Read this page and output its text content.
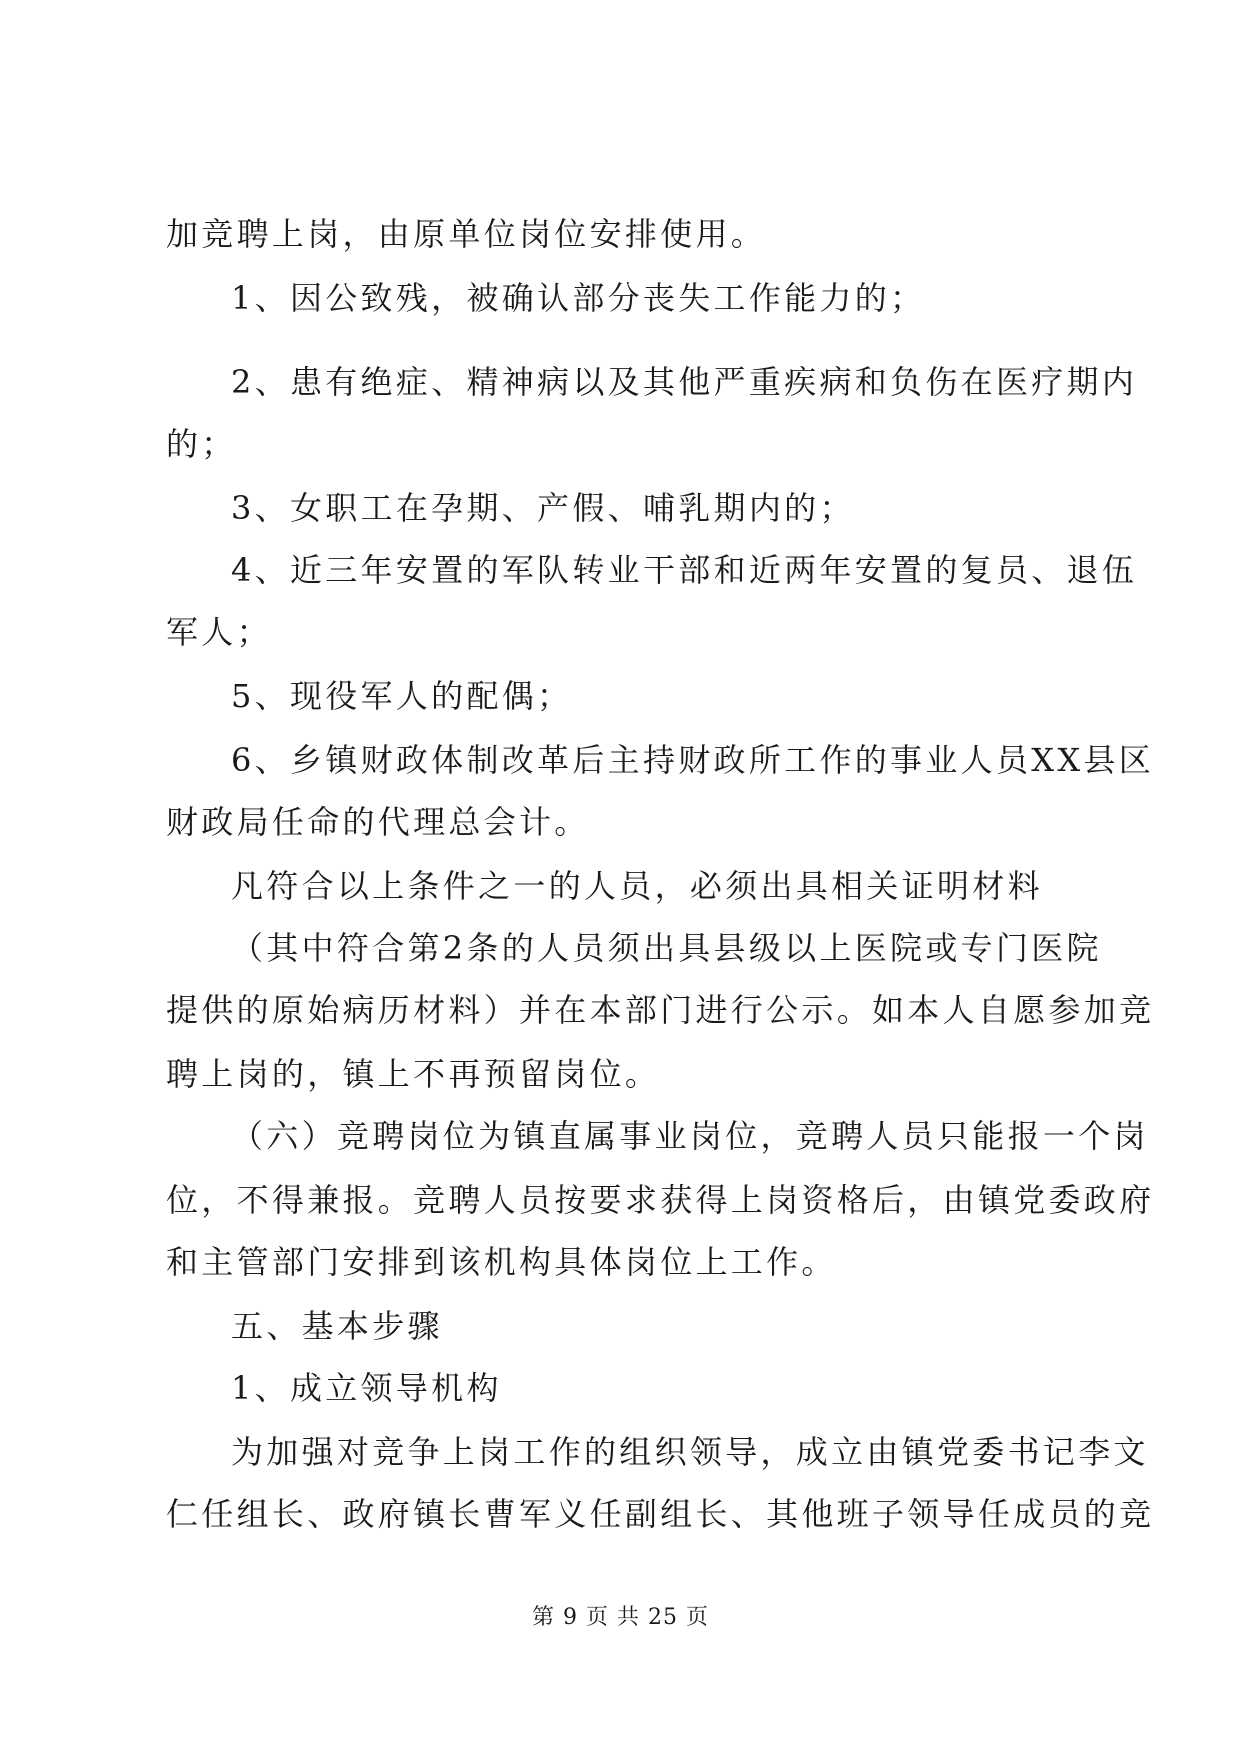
加竞聘上岗，由原单位岗位安排使用。
1、因公致残，被确认部分丧失工作能力的；
2、患有绝症、精神病以及其他严重疾病和负伤在医疗期内
的；
3、女职工在孕期、产假、哺乳期内的；
4、近三年安置的军队转业干部和近两年安置的复员、退伍
军人；
5、现役军人的配偶；
6、乡镇财政体制改革后主持财政所工作的事业人员XX县区
财政局任命的代理总会计。
凡符合以上条件之一的人员，必须出具相关证明材料
（其中符合第2条的人员须出具县级以上医院或专门医院
提供的原始病历材料）并在本部门进行公示。如本人自愿参加竞
聘上岗的，镇上不再预留岗位。
（六）竞聘岗位为镇直属事业岗位，竞聘人员只能报一个岗
位，不得兼报。竞聘人员按要求获得上岗资格后，由镇党委政府
和主管部门安排到该机构具体岗位上工作。
五、基本步骤
1、成立领导机构
为加强对竞争上岗工作的组织领导，成立由镇党委书记李文
仁任组长、政府镇长曹军义任副组长、其他班子领导任成员的竞
第 9 页 共 25 页
